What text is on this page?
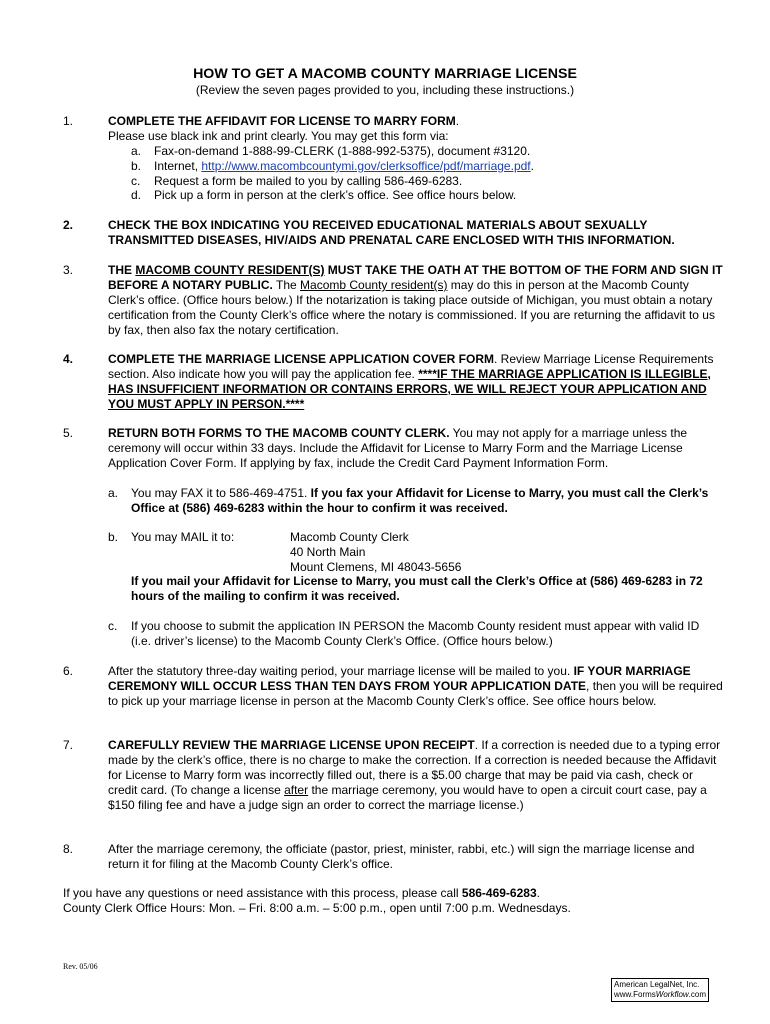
HOW TO GET A MACOMB COUNTY MARRIAGE LICENSE
(Review the seven pages provided to you, including these instructions.)
1.	COMPLETE THE AFFIDAVIT FOR LICENSE TO MARRY FORM.
Please use black ink and print clearly. You may get this form via:
a.	Fax-on-demand 1-888-99-CLERK (1-888-992-5375), document #3120.
b.	Internet, http://www.macombcountymi.gov/clerksoffice/pdf/marriage.pdf.
c.	Request a form be mailed to you by calling 586-469-6283.
d.	Pick up a form in person at the clerk’s office. See office hours below.
2.	CHECK THE BOX INDICATING YOU RECEIVED EDUCATIONAL MATERIALS ABOUT SEXUALLY TRANSMITTED DISEASES, HIV/AIDS AND PRENATAL CARE ENCLOSED WITH THIS INFORMATION.
3.	THE MACOMB COUNTY RESIDENT(S) MUST TAKE THE OATH AT THE BOTTOM OF THE FORM AND SIGN IT BEFORE A NOTARY PUBLIC. The Macomb County resident(s) may do this in person at the Macomb County Clerk’s office. (Office hours below.) If the notarization is taking place outside of Michigan, you must obtain a notary certification from the County Clerk’s office where the notary is commissioned. If you are returning the affidavit to us by fax, then also fax the notary certification.
4.	COMPLETE THE MARRIAGE LICENSE APPLICATION COVER FORM. Review Marriage License Requirements section. Also indicate how you will pay the application fee. ****IF THE MARRIAGE APPLICATION IS ILLEGIBLE, HAS INSUFFICIENT INFORMATION OR CONTAINS ERRORS, WE WILL REJECT YOUR APPLICATION AND YOU MUST APPLY IN PERSON.****
5.	RETURN BOTH FORMS TO THE MACOMB COUNTY CLERK. You may not apply for a marriage unless the ceremony will occur within 33 days. Include the Affidavit for License to Marry Form and the Marriage License Application Cover Form. If applying by fax, include the Credit Card Payment Information Form.
a.	You may FAX it to 586-469-4751. If you fax your Affidavit for License to Marry, you must call the Clerk’s Office at (586) 469-6283 within the hour to confirm it was received.
b.	You may MAIL it to:	Macomb County Clerk
40 North Main
Mount Clemens, MI 48043-5656
If you mail your Affidavit for License to Marry, you must call the Clerk’s Office at (586) 469-6283 in 72 hours of the mailing to confirm it was received.
c.	If you choose to submit the application IN PERSON the Macomb County resident must appear with valid ID (i.e. driver’s license) to the Macomb County Clerk’s Office. (Office hours below.)
6.	After the statutory three-day waiting period, your marriage license will be mailed to you. IF YOUR MARRIAGE CEREMONY WILL OCCUR LESS THAN TEN DAYS FROM YOUR APPLICATION DATE, then you will be required to pick up your marriage license in person at the Macomb County Clerk’s office. See office hours below.
7.	CAREFULLY REVIEW THE MARRIAGE LICENSE UPON RECEIPT. If a correction is needed due to a typing error made by the clerk’s office, there is no charge to make the correction. If a correction is needed because the Affidavit for License to Marry form was incorrectly filled out, there is a $5.00 charge that may be paid via cash, check or credit card. (To change a license after the marriage ceremony, you would have to open a circuit court case, pay a $150 filing fee and have a judge sign an order to correct the marriage license.)
8.	After the marriage ceremony, the officiate (pastor, priest, minister, rabbi, etc.) will sign the marriage license and return it for filing at the Macomb County Clerk’s office.
If you have any questions or need assistance with this process, please call 586-469-6283.
County Clerk Office Hours: Mon. – Fri. 8:00 a.m. – 5:00 p.m., open until 7:00 p.m. Wednesdays.
Rev. 05/06
American LegalNet, Inc.
www.FormsWorkflow.com
